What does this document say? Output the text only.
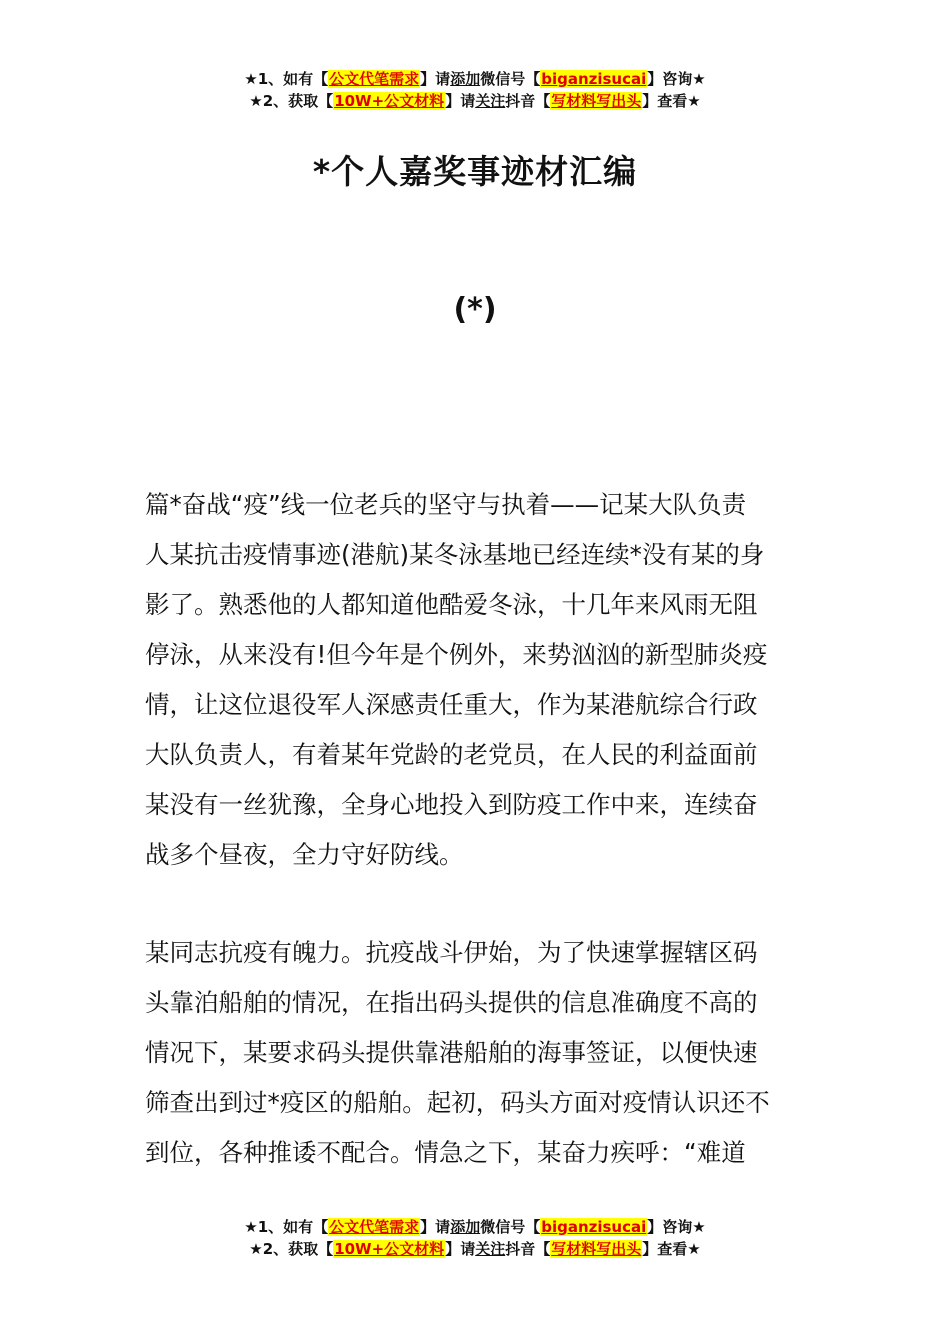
★1、如有【公文代笔需求】请添加微信号【biganzisucai】咨询★
★2、获取【10W+公文材料】请关注抖音【写材料写出头】查看★
*个人嘉奖事迹材汇编
(*)
篇*奋战“疫”线一位老兵的坚守与执着——记某大队负责
人某抗击疫情事迹(港航)某冬泳基地已经连续*没有某的身
影了。熟悉他的人都知道他酷爱冬泳，十几年来风雨无阻
停泳，从来没有!但今年是个例外，来势汹汹的新型肺炎疫
情，让这位退役军人深感责任重大，作为某港航综合行政
大队负责人，有着某年党龄的老党员，在人民的利益面前
某没有一丝犹豫，全身心地投入到防疫工作中来，连续奋
战多个昼夜，全力守好防线。
某同志抗疫有魄力。抗疫战斗伊始，为了快速掌握辖区码
头靠泊船舶的情况，在指出码头提供的信息准确度不高的
情况下，某要求码头提供靠港船舶的海事签证，以便快速
筛查出到过*疫区的船舶。起初，码头方面对疫情认识还不
到位，各种推诿不配合。情急之下，某奋力疾呼：“难道
★1、如有【公文代笔需求】请添加微信号【biganzisucai】咨询★
★2、获取【10W+公文材料】请关注抖音【写材料写出头】查看★
